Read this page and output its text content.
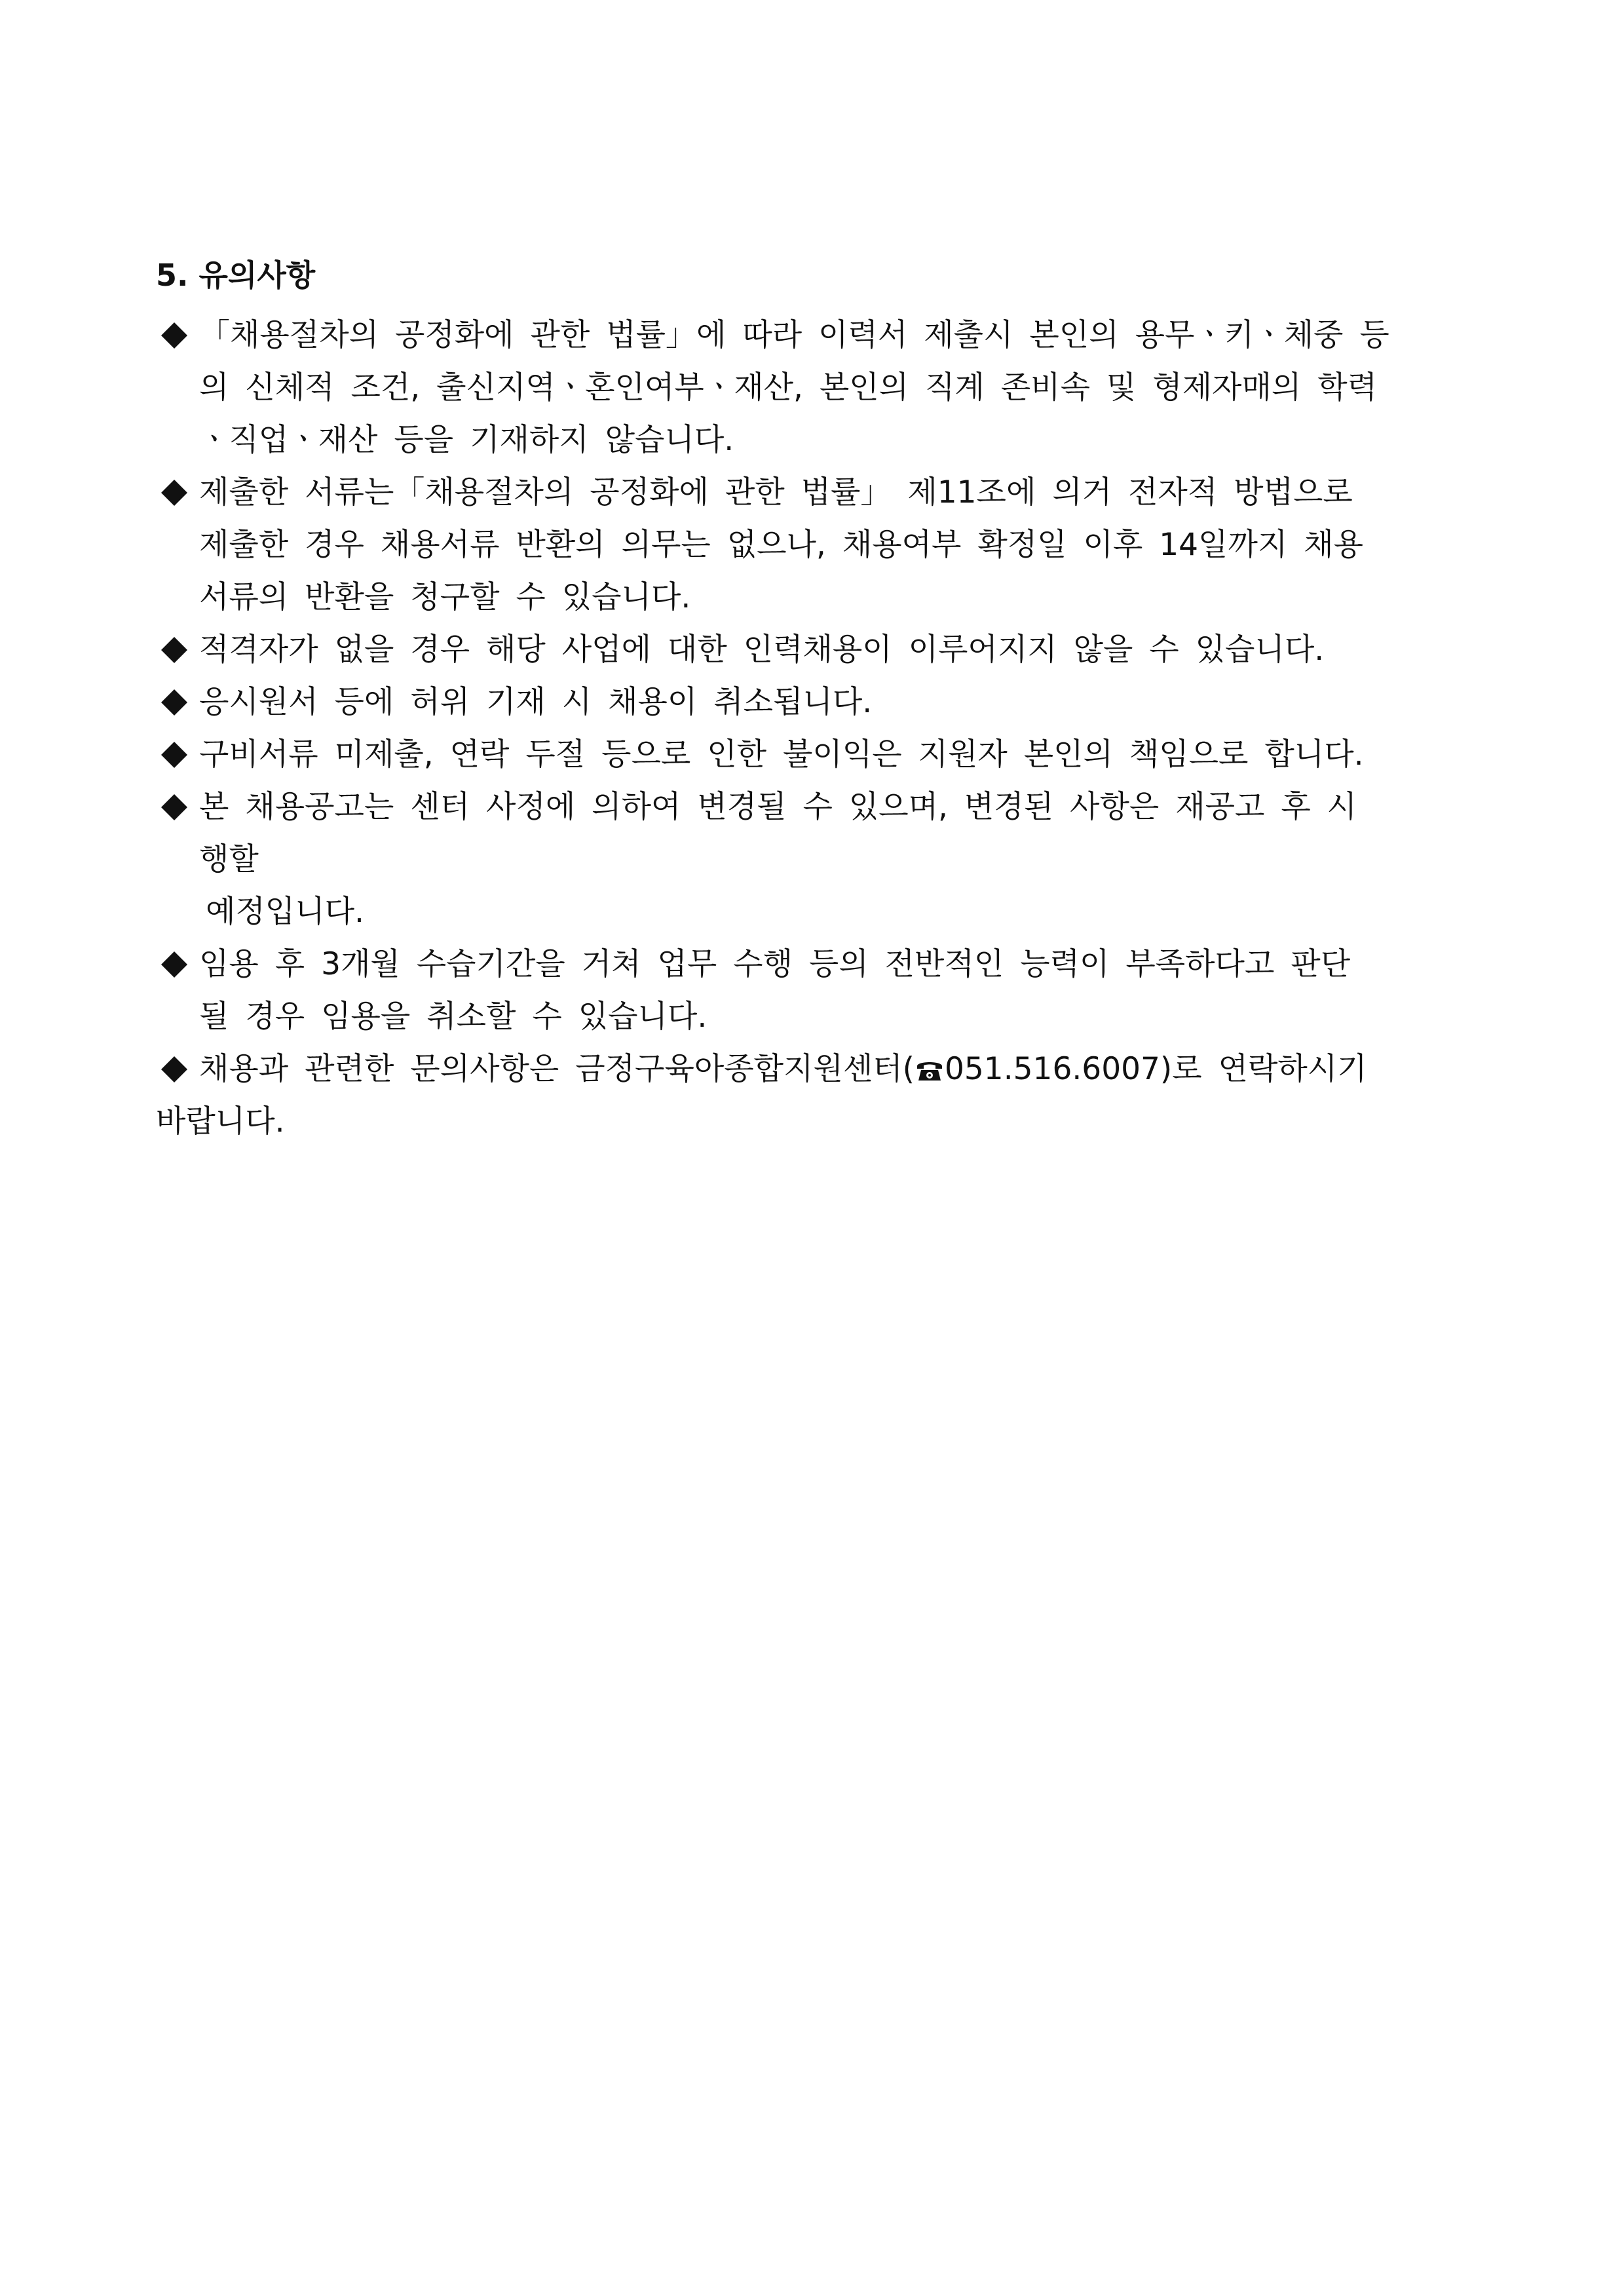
5. 유의사항
「채용절차의 공정화에 관한 법률」에 따라 이력서 제출시 본인의 용무ㆍ키ㆍ체중 등
의 신체적 조건, 출신지역ㆍ혼인여부ㆍ재산, 본인의 직계 존비속 및 형제자매의 학력
ㆍ직업ㆍ재산 등을 기재하지 않습니다.
제출한 서류는「채용절차의 공정화에 관한 법률」 제11조에 의거 전자적 방법으로
제출한 경우 채용서류 반환의 의무는 없으나, 채용여부 확정일 이후 14일까지 채용
서류의 반환을 청구할 수 있습니다.
적격자가 없을 경우 해당 사업에 대한 인력채용이 이루어지지 않을 수 있습니다.
응시원서 등에 허위 기재 시 채용이 취소됩니다.
구비서류 미제출, 연락 두절 등으로 인한 불이익은 지원자 본인의 책임으로 합니다.
본 채용공고는 센터 사정에 의하여 변경될 수 있으며, 변경된 사항은 재공고 후 시
행할
예정입니다.
임용 후 3개월 수습기간을 거쳐 업무 수행 등의 전반적인 능력이 부족하다고 판단
될 경우 임용을 취소할 수 있습니다.
채용과 관련한 문의사항은 금정구육아종합지원센터( 051.516.6007)로 연락하시기
바랍니다.
